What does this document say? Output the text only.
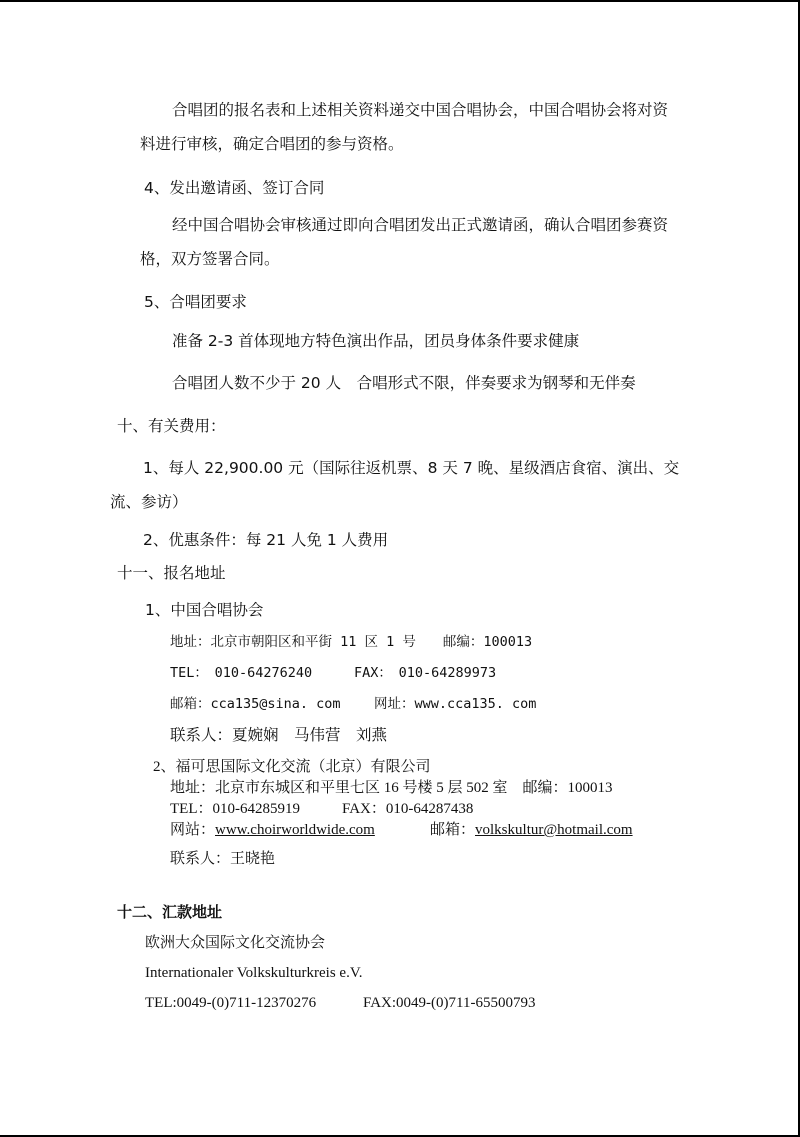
合唱团的报名表和上述相关资料递交中国合唱协会，中国合唱协会将对资
料进行审核，确定合唱团的参与资格。
4、发出邀请函、签订合同
经中国合唱协会审核通过即向合唱团发出正式邀请函，确认合唱团参赛资
格，双方签署合同。
5、合唱团要求
准备 2-3 首体现地方特色演出作品，团员身体条件要求健康
合唱团人数不少于 20 人　合唱形式不限，伴奏要求为钢琴和无伴奏
十、有关费用：
1、每人 22,900.00 元（国际往返机票、8 天 7 晚、星级酒店食宿、演出、交
流、参访）
2、优惠条件：每 21 人免 1 人费用
十一、报名地址
1、中国合唱协会
地址：北京市朝阳区和平街 11 区 1 号　　邮编：100013
TEL：　010-64276240	FAX：　010-64289973
邮箱：cca135@sina. com 网址：www.cca135. com
联系人：夏婉娴　马伟营　刘燕
2、福可思国际文化交流（北京）有限公司
地址：北京市东城区和平里七区 16 号楼 5 层 502 室　邮编：100013
TEL：010-64285919	FAX：010-64287438
网站：www.choirworldwide.com	邮箱：volkskultur@hotmail.com
联系人：王晓艳
十二、汇款地址
欧洲大众国际文化交流协会
Internationaler Volkskulturkreis e.V.
TEL:0049-(0)711-12370276	FAX:0049-(0)711-65500793
